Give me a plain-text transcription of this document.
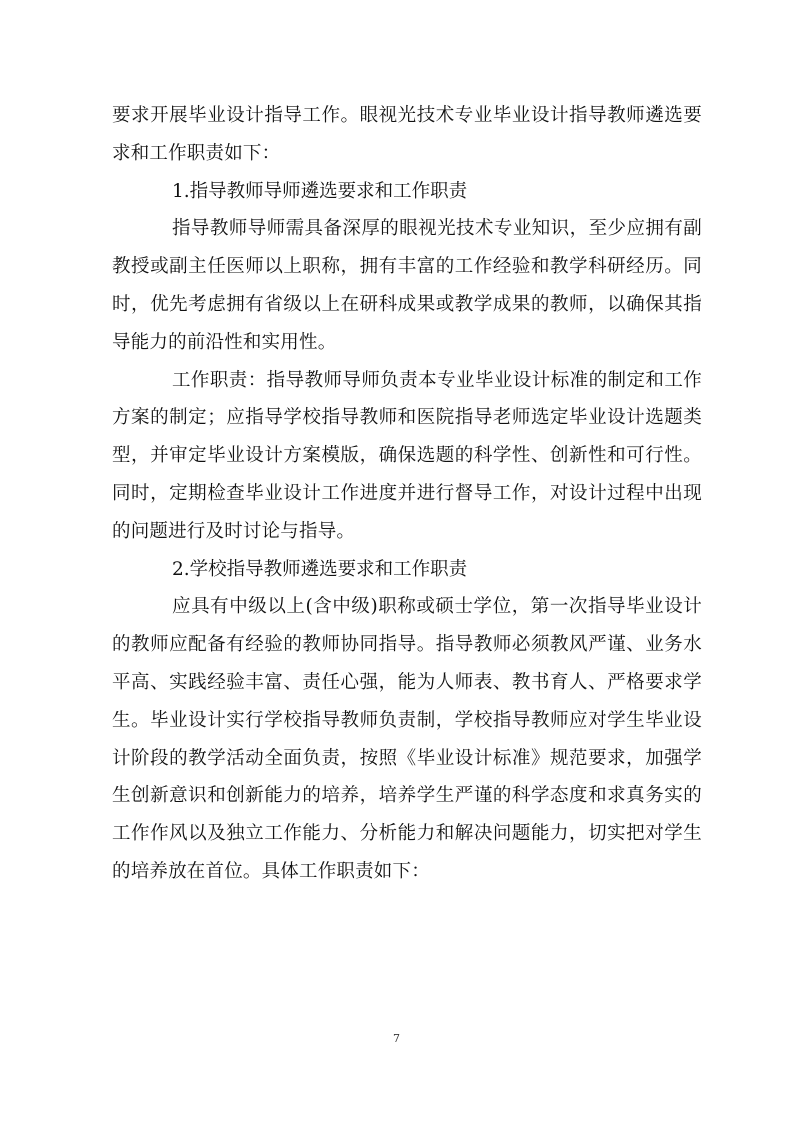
要求开展毕业设计指导工作。眼视光技术专业毕业设计指导教师遴选要求和工作职责如下：

1.指导教师导师遴选要求和工作职责

指导教师导师需具备深厚的眼视光技术专业知识，至少应拥有副教授或副主任医师以上职称，拥有丰富的工作经验和教学科研经历。同时，优先考虑拥有省级以上在研科成果或教学成果的教师，以确保其指导能力的前沿性和实用性。

工作职责：指导教师导师负责本专业毕业设计标准的制定和工作方案的制定；应指导学校指导教师和医院指导老师选定毕业设计选题类型，并审定毕业设计方案模版，确保选题的科学性、创新性和可行性。同时，定期检查毕业设计工作进度并进行督导工作，对设计过程中出现的问题进行及时讨论与指导。

2.学校指导教师遴选要求和工作职责

应具有中级以上(含中级)职称或硕士学位，第一次指导毕业设计的教师应配备有经验的教师协同指导。指导教师必须教风严谨、业务水平高、实践经验丰富、责任心强，能为人师表、教书育人、严格要求学生。毕业设计实行学校指导教师负责制，学校指导教师应对学生毕业设计阶段的教学活动全面负责，按照《毕业设计标准》规范要求，加强学生创新意识和创新能力的培养，培养学生严谨的科学态度和求真务实的工作作风以及独立工作能力、分析能力和解决问题能力，切实把对学生的培养放在首位。具体工作职责如下：

7
